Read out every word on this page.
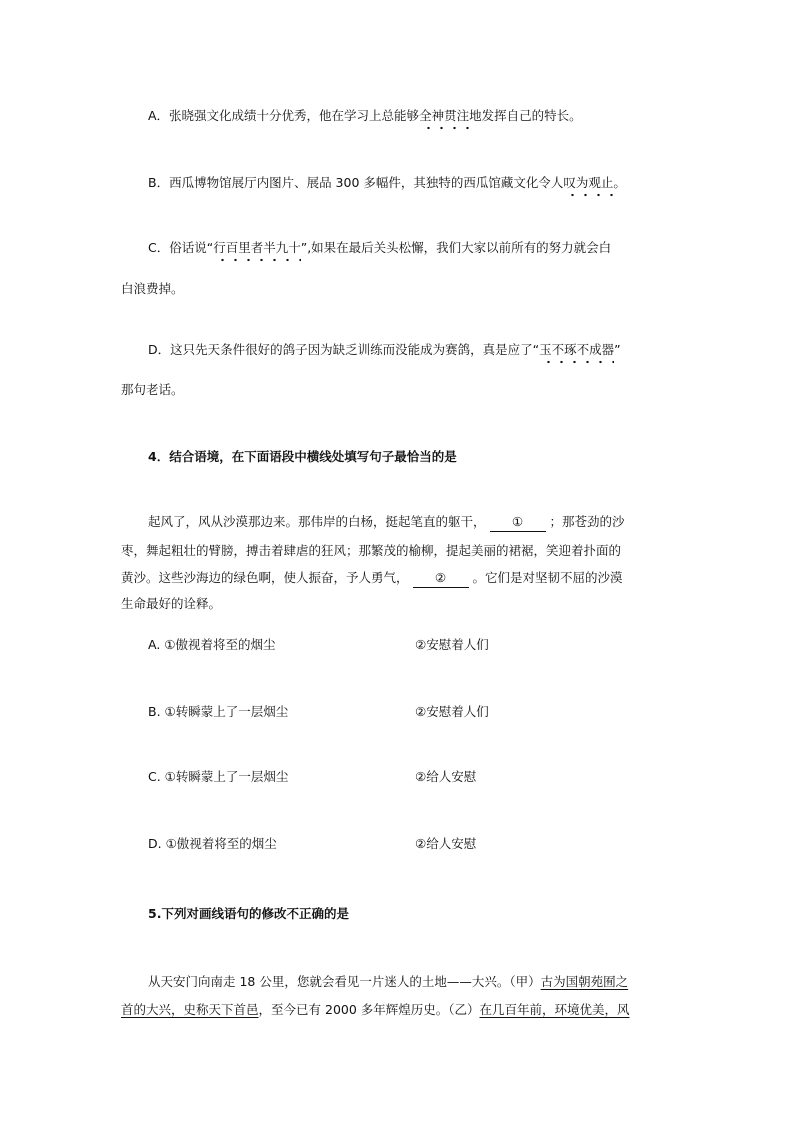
A．张晓强文化成绩十分优秀，他在学习上总能够全神贯注地发挥自己的特长。
B．西瓜博物馆展厅内图片、展品 300 多幅件，其独特的西瓜馆藏文化令人叹为观止。
C．俗话说“行百里者半九十”,如果在最后关头松懈，我们大家以前所有的努力就会白
白浪费掉。
D．这只先天条件很好的鸽子因为缺乏训练而没能成为赛鸽，真是应了“玉不琢不成器”
那句老话。
4．结合语境，在下面语段中横线处填写句子最恰当的是
起风了，风从沙漠那边来。那伟岸的白杨，挺起笔直的躯干， ① ；那苍劲的沙
枣，舞起粗壮的臂膀，搏击着肆虐的狂风；那繁茂的榆柳，提起美丽的裙裾，笑迎着扑面的
黄沙。这些沙海边的绿色啊，使人振奋，予人勇气， ② 。它们是对坚韧不屈的沙漠
生命最好的诠释。
A. ①傲视着将至的烟尘	②安慰着人们
B. ①转瞬蒙上了一层烟尘	②安慰着人们
C. ①转瞬蒙上了一层烟尘	②给人安慰
D. ①傲视着将至的烟尘	②给人安慰
5.下列对画线语句的修改不正确的是
从天安门向南走 18 公里，您就会看见一片迷人的土地——大兴。（甲）古为国朝苑囿之
首的大兴，史称天下首邑，至今已有 2000 多年辉煌历史。（乙）在几百年前，环境优美，风
